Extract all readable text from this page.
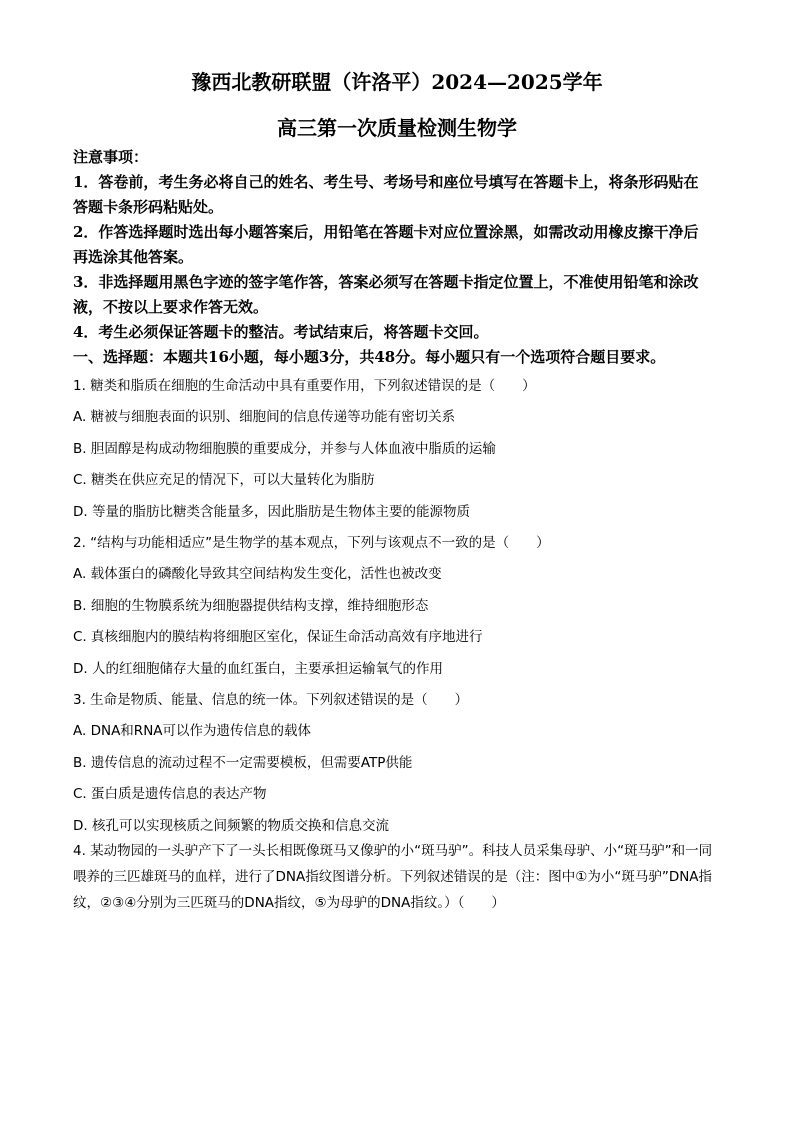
豫西北教研联盟（许洛平）2024—2025学年
高三第一次质量检测生物学

注意事项：

1．答卷前，考生务必将自己的姓名、考生号、考场号和座位号填写在答题卡上，将条形码贴在答题卡条形码粘贴处。

2．作答选择题时选出每小题答案后，用铅笔在答题卡对应位置涂黑，如需改动用橡皮擦干净后再选涂其他答案。

3．非选择题用黑色字迹的签字笔作答，答案必须写在答题卡指定位置上，不准使用铅笔和涂改液，不按以上要求作答无效。

4．考生必须保证答题卡的整洁。考试结束后，将答题卡交回。

一、选择题：本题共16小题，每小题3分，共48分。每小题只有一个选项符合题目要求。

1. 糖类和脂质在细胞的生命活动中具有重要作用，下列叙述错误的是（　　）

A. 糖被与细胞表面的识别、细胞间的信息传递等功能有密切关系

B. 胆固醇是构成动物细胞膜的重要成分，并参与人体血液中脂质的运输

C. 糖类在供应充足的情况下，可以大量转化为脂肪

D. 等量的脂肪比糖类含能量多，因此脂肪是生物体主要的能源物质

2. “结构与功能相适应”是生物学的基本观点，下列与该观点不一致的是（　　）

A. 载体蛋白的磷酸化导致其空间结构发生变化，活性也被改变

B. 细胞的生物膜系统为细胞器提供结构支撑，维持细胞形态

C. 真核细胞内的膜结构将细胞区室化，保证生命活动高效有序地进行

D. 人的红细胞储存大量的血红蛋白，主要承担运输氧气的作用

3. 生命是物质、能量、信息的统一体。下列叙述错误的是（　　）

A. DNA和RNA可以作为遗传信息的载体

B. 遗传信息的流动过程不一定需要模板，但需要ATP供能

C. 蛋白质是遗传信息的表达产物

D. 核孔可以实现核质之间频繁的物质交换和信息交流

4. 某动物园的一头驴产下了一头长相既像斑马又像驴的小“斑马驴”。科技人员采集母驴、小“斑马驴”和一同喂养的三匹雄斑马的血样，进行了DNA指纹图谱分析。下列叙述错误的是（注：图中①为小“斑马驴”DNA指纹，②③④分别为三匹斑马的DNA指纹，⑤为母驴的DNA指纹。）（　　）
